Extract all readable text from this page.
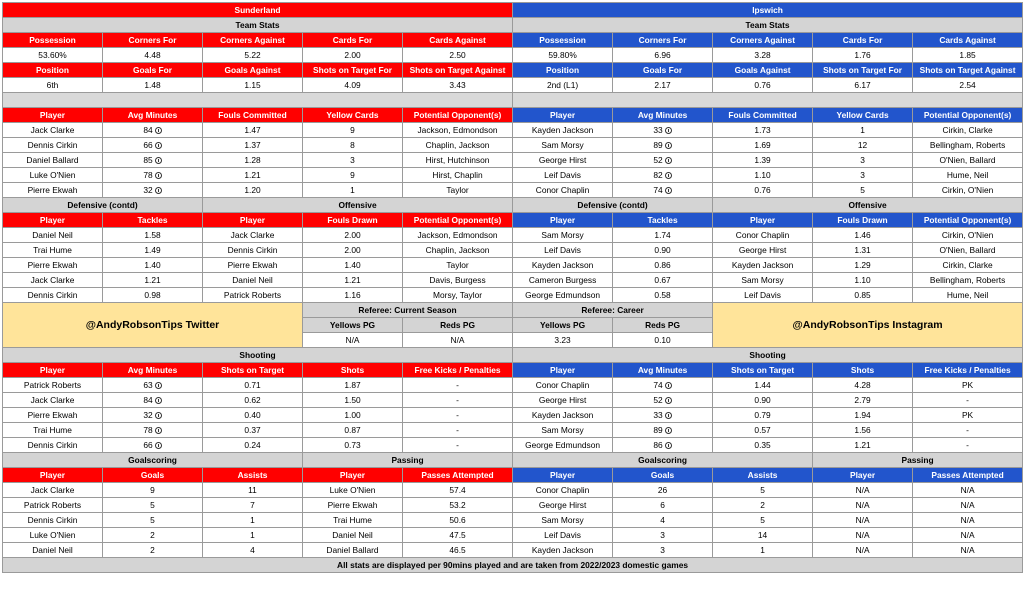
Sunderland					Ipswich				
Team Stats					Team Stats				
Possession	Corners For	Corners Against	Cards For	Cards Against	Possession	Corners For	Corners Against	Cards For	Cards Against
53.60%	4.48	5.22	2.00	2.50	59.80%	6.96	3.28	1.76	1.85
Position	Goals For	Goals Against	Shots on Target For	Shots on Target Against	Position	Goals For	Goals Against	Shots on Target For	Shots on Target Against
6th	1.48	1.15	4.09	3.43	2nd (L1)	2.17	0.76	6.17	2.54

Player	Avg Minutes	Fouls Committed	Yellow Cards	Potential Opponent(s)	Player	Avg Minutes	Fouls Committed	Yellow Cards	Potential Opponent(s)
Jack Clarke	84	1.47	9	Jackson, Edmondson	Kayden Jackson	33	1.73	1	Cirkin, Clarke
Dennis Cirkin	66	1.37	8	Chaplin, Jackson	Sam Morsy	89	1.69	12	Bellingham, Roberts
Daniel Ballard	85	1.28	3	Hirst, Hutchinson	George Hirst	52	1.39	3	O'Nien, Ballard
Luke O'Nien	78	1.21	9	Hirst, Chaplin	Leif Davis	82	1.10	3	Hume, Neil
Pierre Ekwah	32	1.20	1	Taylor	Conor Chaplin	74	0.76	5	Cirkin, O'Nien
Defensive (contd)		Offensive			Defensive (contd)		Offensive		
Player	Tackles	Player	Fouls Drawn	Potential Opponent(s)	Player	Tackles	Player	Fouls Drawn	Potential Opponent(s)
Daniel Neil	1.58	Jack Clarke	2.00	Jackson, Edmondson	Sam Morsy	1.74	Conor Chaplin	1.46	Cirkin, O'Nien
Trai Hume	1.49	Dennis Cirkin	2.00	Chaplin, Jackson	Leif Davis	0.90	George Hirst	1.31	O'Nien, Ballard
Pierre Ekwah	1.40	Pierre Ekwah	1.40	Taylor	Kayden Jackson	0.86	Kayden Jackson	1.29	Cirkin, Clarke
Jack Clarke	1.21	Daniel Neil	1.21	Davis, Burgess	Cameron Burgess	0.67	Sam Morsy	1.10	Bellingham, Roberts
Dennis Cirkin	0.98	Patrick Roberts	1.16	Morsy, Taylor	George Edmundson	0.58	Leif Davis	0.85	Hume, Neil
@AndyRobsonTips Twitter			Referee: Current Season		Referee: Career		@AndyRobsonTips Instagram		
			Yellows PG	Reds PG	Yellows PG	Reds PG			
			N/A	N/A	3.23	0.10			
Shooting					Shooting				
Player	Avg Minutes	Shots on Target	Shots	Free Kicks / Penalties	Player	Avg Minutes	Shots on Target	Shots	Free Kicks / Penalties
Patrick Roberts	63	0.71	1.87	-	Conor Chaplin	74	1.44	4.28	PK
Jack Clarke	84	0.62	1.50	-	George Hirst	52	0.90	2.79	-
Pierre Ekwah	32	0.40	1.00	-	Kayden Jackson	33	0.79	1.94	PK
Trai Hume	78	0.37	0.87	-	Sam Morsy	89	0.57	1.56	-
Dennis Cirkin	66	0.24	0.73	-	George Edmundson	86	0.35	1.21	-
Goalscoring			Passing		Goalscoring			Passing	
Player	Goals	Assists	Player	Passes Attempted	Player	Goals	Assists	Player	Passes Attempted
Jack Clarke	9	11	Luke O'Nien	57.4	Conor Chaplin	26	5	N/A	N/A
Patrick Roberts	5	7	Pierre Ekwah	53.2	George Hirst	6	2	N/A	N/A
Dennis Cirkin	5	1	Trai Hume	50.6	Sam Morsy	4	5	N/A	N/A
Luke O'Nien	2	1	Daniel Neil	47.5	Leif Davis	3	14	N/A	N/A
Daniel Neil	2	4	Daniel Ballard	46.5	Kayden Jackson	3	1	N/A	N/A
All stats are displayed per 90mins played and are taken from 2022/2023 domestic games									
